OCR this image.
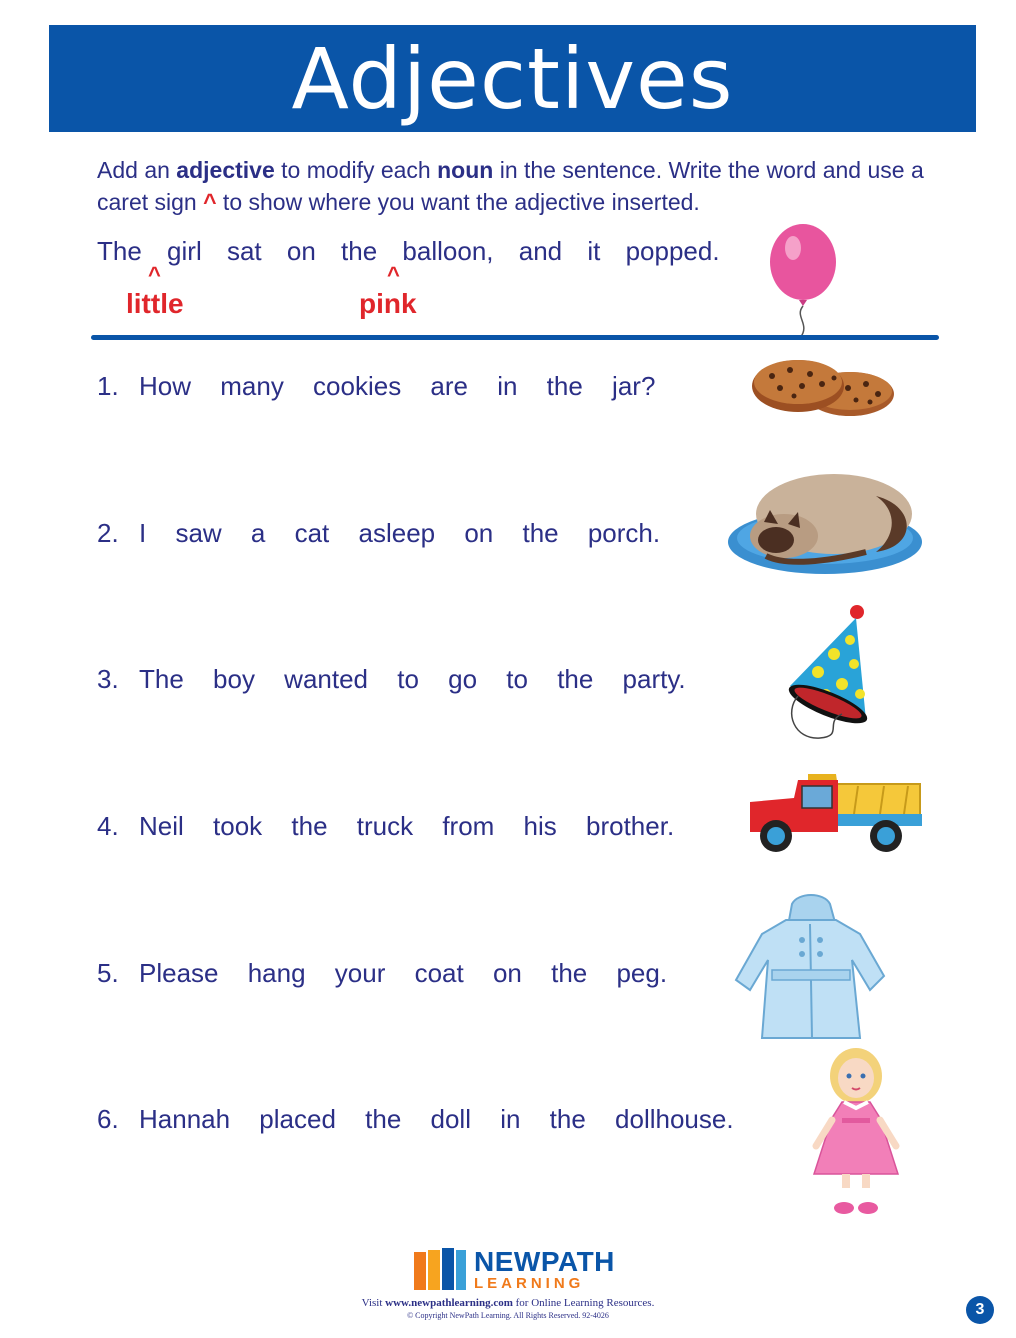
Adjectives
Add an adjective to modify each noun in the sentence. Write the word and use a caret sign ^ to show where you want the adjective inserted.
The girl sat on the balloon, and it popped.
^
little
^
pink
1. How many cookies are in the jar?
2. I saw a cat asleep on the porch.
3. The boy wanted to go to the party.
4. Neil took the truck from his brother.
5. Please hang your coat on the peg.
6. Hannah placed the doll in the dollhouse.
NEWPATH
LEARNING
Visit www.newpathlearning.com for Online Learning Resources.
© Copyright NewPath Learning. All Rights Reserved. 92-4026	3
